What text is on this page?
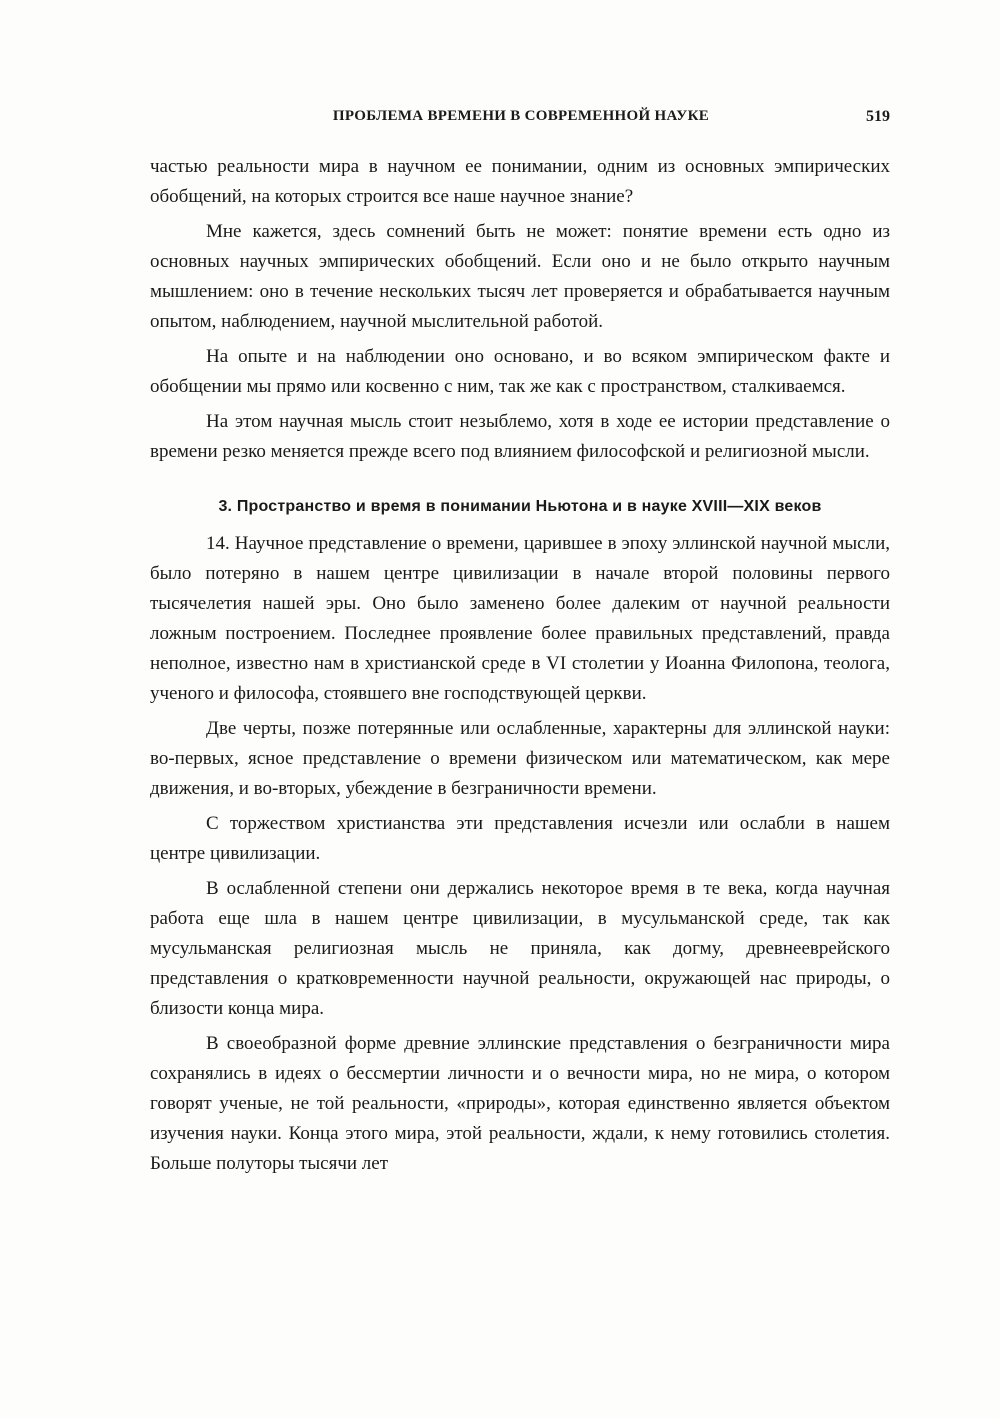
ПРОБЛЕМА ВРЕМЕНИ В СОВРЕМЕННОЙ НАУКЕ	519

частью реальности мира в научном ее понимании, одним из основных эмпирических обобщений, на которых строится все наше научное знание?

Мне кажется, здесь сомнений быть не может: понятие времени есть одно из основных научных эмпирических обобщений. Если оно и не было открыто научным мышлением: оно в течение нескольких тысяч лет проверяется и обрабатывается научным опытом, наблюдением, научной мыслительной работой.

На опыте и на наблюдении оно основано, и во всяком эмпирическом факте и обобщении мы прямо или косвенно с ним, так же как с пространством, сталкиваемся.

На этом научная мысль стоит незыблемо, хотя в ходе ее истории представление о времени резко меняется прежде всего под влиянием философской и религиозной мысли.

3. Пространство и время в понимании Ньютона и в науке XVIII—XIX веков

14. Научное представление о времени, царившее в эпоху эллинской научной мысли, было потеряно в нашем центре цивилизации в начале второй половины первого тысячелетия нашей эры. Оно было заменено более далеким от научной реальности ложным построением. Последнее проявление более правильных представлений, правда неполное, известно нам в христианской среде в VI столетии у Иоанна Филопона, теолога, ученого и философа, стоявшего вне господствующей церкви.

Две черты, позже потерянные или ослабленные, характерны для эллинской науки: во-первых, ясное представление о времени физическом или математическом, как мере движения, и во-вторых, убеждение в безграничности времени.

С торжеством христианства эти представления исчезли или ослабли в нашем центре цивилизации.

В ослабленной степени они держались некоторое время в те века, когда научная работа еще шла в нашем центре цивилизации, в мусульманской среде, так как мусульманская религиозная мысль не приняла, как догму, древнееврейского представления о кратковременности научной реальности, окружающей нас природы, о близости конца мира.

В своеобразной форме древние эллинские представления о безграничности мира сохранялись в идеях о бессмертии личности и о вечности мира, но не мира, о котором говорят ученые, не той реальности, «природы», которая единственно является объектом изучения науки. Конца этого мира, этой реальности, ждали, к нему готовились столетия. Больше полуторы тысячи лет
